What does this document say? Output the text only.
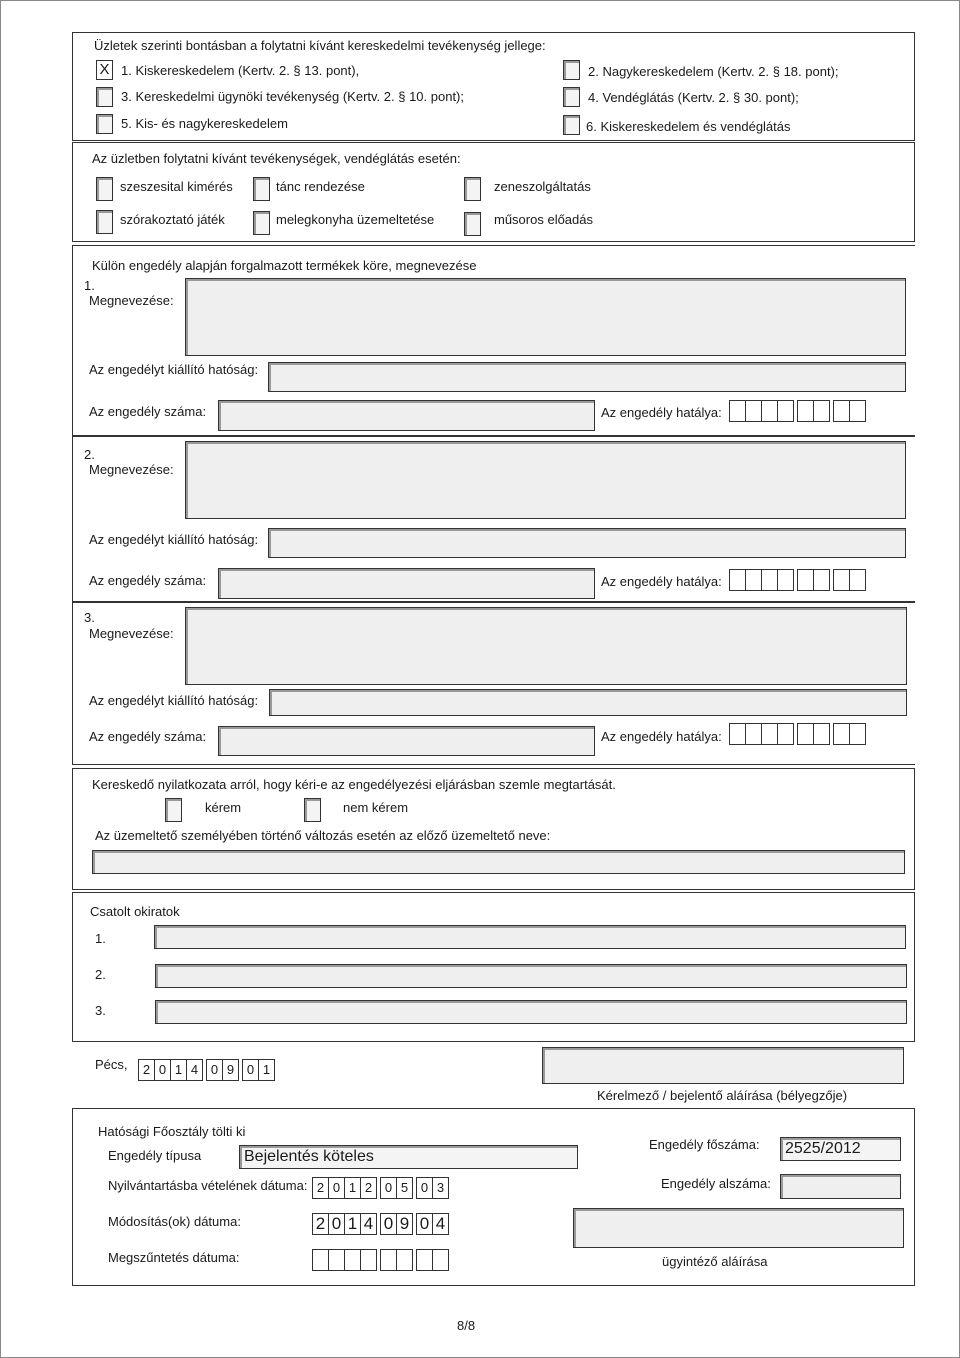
Üzletek szerinti bontásban a folytatni kívánt kereskedelmi tevékenység jellege:
X 1. Kiskereskedelem (Kertv. 2. § 13. pont),	2. Nagykereskedelem (Kertv. 2. § 18. pont);
3. Kereskedelmi ügynöki tevékenység (Kertv. 2. § 10. pont);	4. Vendéglátás (Kertv. 2. § 30. pont);
5. Kis- és nagykereskedelem	6. Kiskereskedelem és vendéglátás
Az üzletben folytatni kívánt tevékenységek, vendéglátás esetén:
szeszesital kimérés	tánc rendezése	zeneszolgáltatás
szórakoztató játék	melegkonyha üzemeltetése	műsoros előadás
Külön engedély alapján forgalmazott termékek köre, megnevezése
1.
Megnevezése:
Az engedélyt kiállító hatóság:
Az engedély száma:	Az engedély hatálya:
2.
Megnevezése:
Az engedélyt kiállító hatóság:
Az engedély száma:	Az engedély hatálya:
3.
Megnevezése:
Az engedélyt kiállító hatóság:
Az engedély száma:	Az engedély hatálya:
Kereskedő nyilatkozata arról, hogy kéri-e az engedélyezési eljárásban szemle megtartását.
kérem	nem kérem
Az üzemeltető személyében történő változás esetén az előző üzemeltető neve:
Csatolt okiratok
1.
2.
3.
Pécs,	2 0 1 4 0 9 0 1
Kérelmező / bejelentő aláírása (bélyegzője)
Hatósági Főosztály tölti ki
Engedély típusa	Bejelentés köteles
Nyilvántartásba vételének dátuma: 2 0 1 2 0 5 0 3
Módosítás(ok) dátuma:	2 0 1 4 0 9 0 4
Megszűntetés dátuma:
Engedély főszáma:	2525/2012
Engedély alszáma:
ügyintéző aláírása
8/8
